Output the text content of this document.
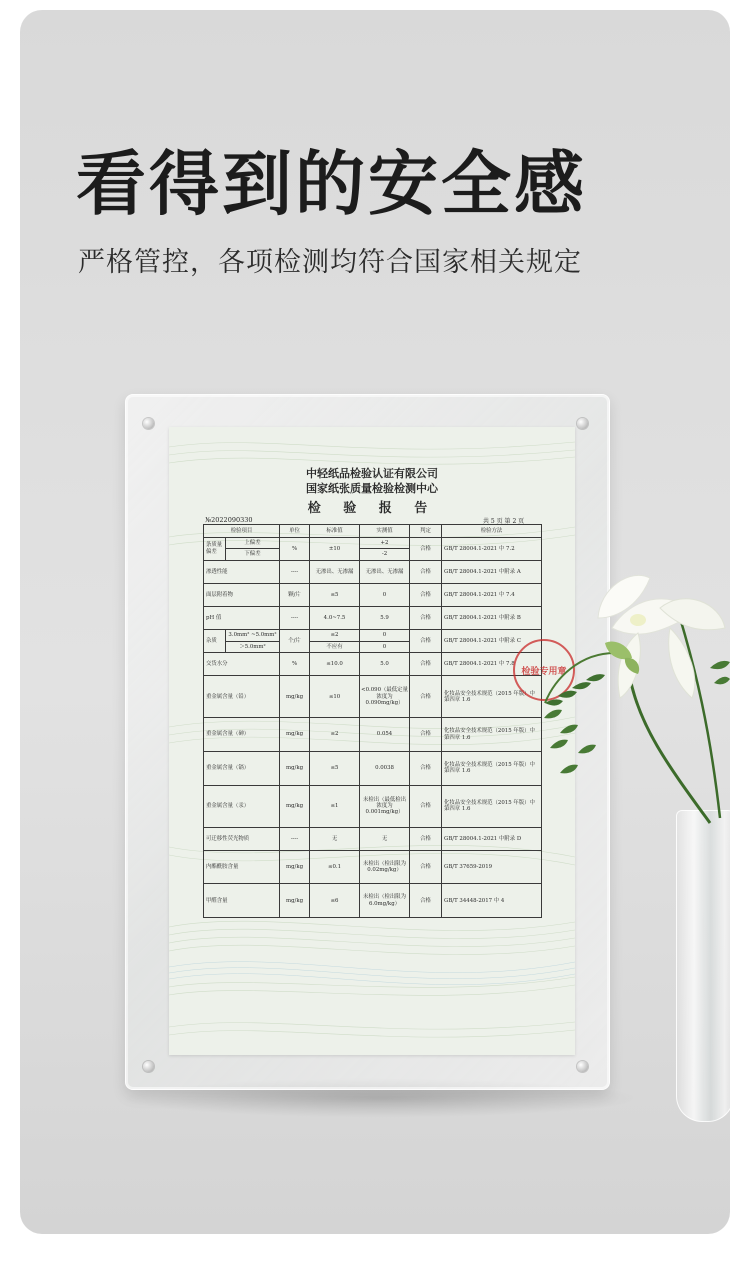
看得到的安全感

严格管控，各项检测均符合国家相关规定

中轻纸品检验认证有限公司
国家纸张质量检验检测中心
检 验 报 告
№2022090330	共 5 页 第 2 页
检验项目		单位	标准值	实测值	判定	检验方法
条质量偏差	上偏差	%	±10	+2	合格	GB/T 28004.1-2021 中 7.2
	下偏差			-2		
渗透性能		----	无渗出、无渗漏	无渗出、无渗漏	合格	GB/T 28004.1-2021 中附录 A
面层附着物		颗/片	≤5	0	合格	GB/T 28004.1-2021 中 7.4
pH 值		----	4.0~7.5	5.9	合格	GB/T 28004.1-2021 中附录 B
杂质	3.0mm² ~5.0mm²	个/片	≤2	0	合格	GB/T 28004.1-2021 中附录 C
	＞5.0mm²		不应有	0		
交货水分		%	≤10.0	5.0	合格	GB/T 28004.1-2021 中 7.8
重金属含量（铅）		mg/kg	≤10	<0.090（最低定量浓度为 0.090mg/kg）	合格	化妆品安全技术规范（2015 年版）中第四章 1.6
重金属含量（砷）		mg/kg	≤2	0.054	合格	化妆品安全技术规范（2015 年版）中第四章 1.6
重金属含量（镉）		mg/kg	≤5	0.0038	合格	化妆品安全技术规范（2015 年版）中第四章 1.6
重金属含量（汞）		mg/kg	≤1	未检出（最低检出浓度为 0.001mg/kg）	合格	化妆品安全技术规范（2015 年版）中第四章 1.6
可迁移性荧光物质		----	无	无	合格	GB/T 28004.1-2021 中附录 D
内酯酰胺含量		mg/kg	≤0.1	未检出（检出限为 0.02mg/kg）	合格	GB/T 37659-2019
甲醛含量		mg/kg	≤6	未检出（检出限为 6.0mg/kg）	合格	GB/T 34448-2017 中 4
检验专用章
